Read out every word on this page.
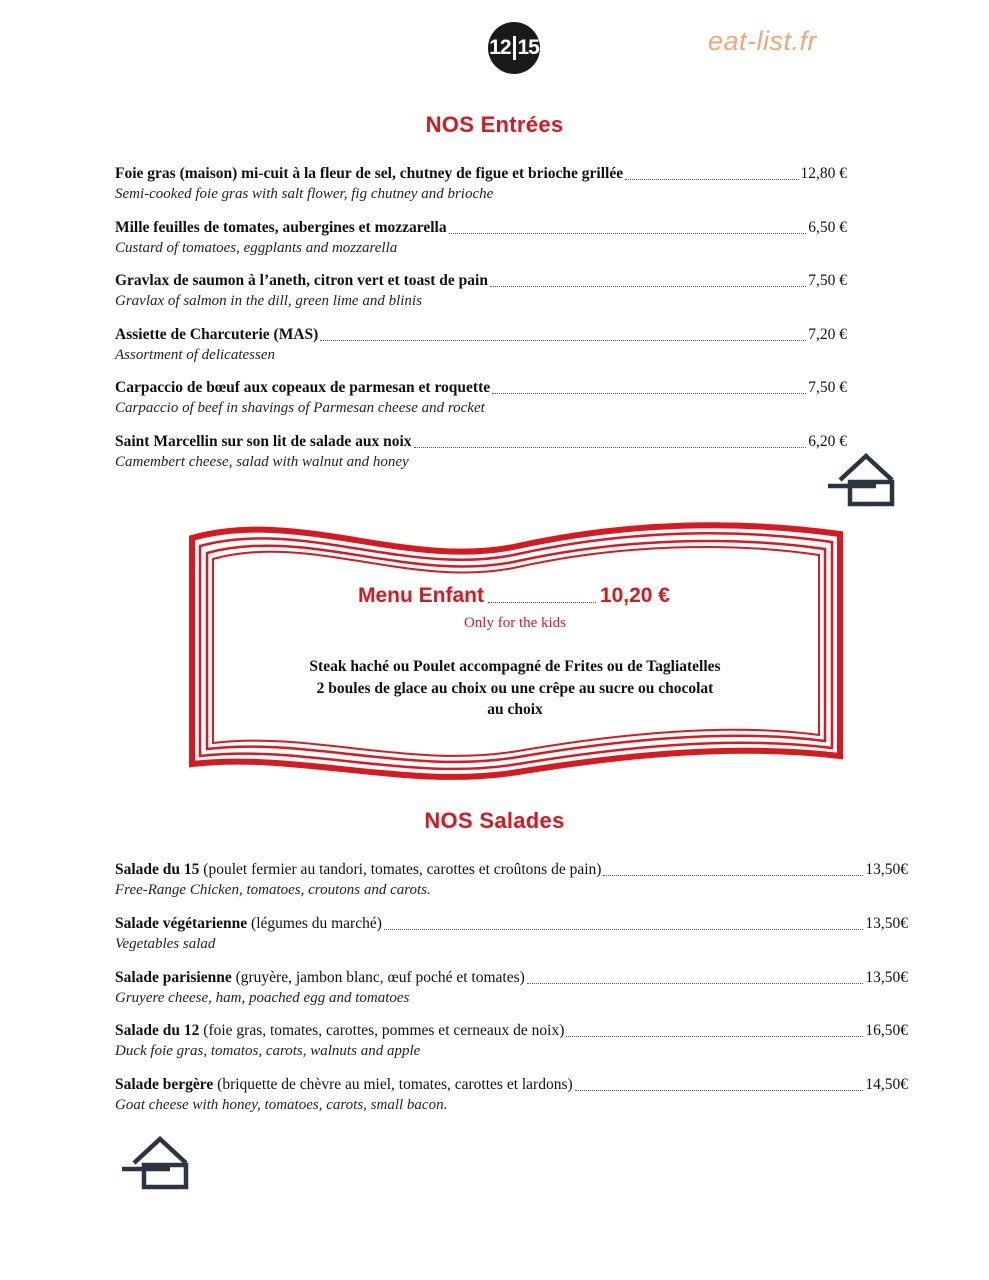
12 15	eat-list.fr
NOS Entrées
Foie gras (maison) mi-cuit à la fleur de sel, chutney de figue et brioche grillée	12,80 €
Semi-cooked foie gras with salt flower, fig chutney and brioche
Mille feuilles de tomates, aubergines et mozzarella	6,50 €
Custard of tomatoes, eggplants and mozzarella
Gravlax de saumon à l’aneth, citron vert et toast de pain	7,50 €
Gravlax of salmon in the dill, green lime and blinis
Assiette de Charcuterie (MAS)	7,20 €
Assortment of delicatessen
Carpaccio de bœuf aux copeaux de parmesan et roquette	7,50 €
Carpaccio of beef in shavings of Parmesan cheese and rocket
Saint Marcellin sur son lit de salade aux noix	6,20 €
Camembert cheese, salad with walnut and honey
Menu Enfant	10,20 €
Only for the kids
Steak haché ou Poulet accompagné de Frites ou de Tagliatelles
2 boules de glace au choix ou une crêpe au sucre ou chocolat
au choix
NOS Salades
Salade du 15 (poulet fermier au tandori, tomates, carottes et croûtons de pain)	13,50€
Free-Range Chicken, tomatoes, croutons and carots.
Salade végétarienne (légumes du marché)	13,50€
Vegetables salad
Salade parisienne (gruyère, jambon blanc, œuf poché et tomates)	13,50€
Gruyere cheese, ham, poached egg and tomatoes
Salade du 12 (foie gras, tomates, carottes, pommes et cerneaux de noix)	16,50€
Duck foie gras, tomatos, carots, walnuts and apple
Salade bergère (briquette de chèvre au miel, tomates, carottes et lardons)	14,50€
Goat cheese with honey, tomatoes, carots, small bacon.
